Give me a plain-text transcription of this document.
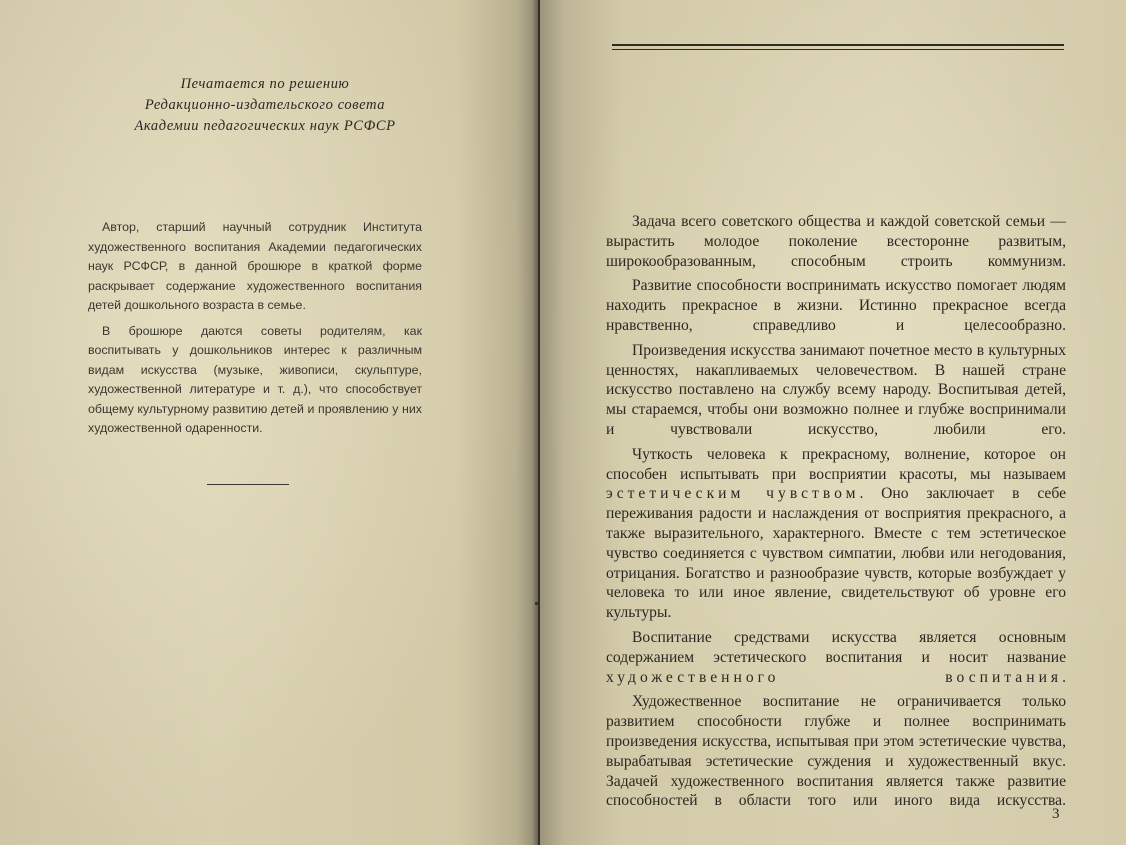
Печатается по решению
Редакционно-издательского совета
Академии педагогических наук РСФСР

Автор, старший научный сотрудник Института художественного воспитания Академии педагогических наук РСФСР, в данной брошюре в краткой форме раскрывает содержание художественного воспитания детей дошкольного возраста в семье.

В брошюре даются советы родителям, как воспитывать у дошкольников интерес к различным видам искусства (музыке, живописи, скульптуре, художественной литературе и т. д.), что способствует общему культурному развитию детей и проявлению у них художественной одаренности.

Задача всего советского общества и каждой советской семьи — вырастить молодое поколение всесторонне развитым, широкообразованным, способным строить коммунизм.

Развитие способности воспринимать искусство помогает людям находить прекрасное в жизни. Истинно прекрасное всегда нравственно, справедливо и целесообразно.

Произведения искусства занимают почетное место в культурных ценностях, накапливаемых человечеством. В нашей стране искусство поставлено на службу всему народу. Воспитывая детей, мы стараемся, чтобы они возможно полнее и глубже воспринимали и чувствовали искусство, любили его.

Чуткость человека к прекрасному, волнение, которое он способен испытывать при восприятии красоты, мы называем эстетическим чувством. Оно заключает в себе переживания радости и наслаждения от восприятия прекрасного, а также выразительного, характерного. Вместе с тем эстетическое чувство соединяется с чувством симпатии, любви или негодования, отрицания. Богатство и разнообразие чувств, которые возбуждает у человека то или иное явление, свидетельствуют об уровне его культуры.

Воспитание средствами искусства является основным содержанием эстетического воспитания и носит название художественного воспитания.

Художественное воспитание не ограничивается только развитием способности глубже и полнее воспринимать произведения искусства, испытывая при этом эстетические чувства, вырабатывая эстетические суждения и художественный вкус. Задачей художественного воспитания является также развитие способностей в области того или иного вида искусства.

3
